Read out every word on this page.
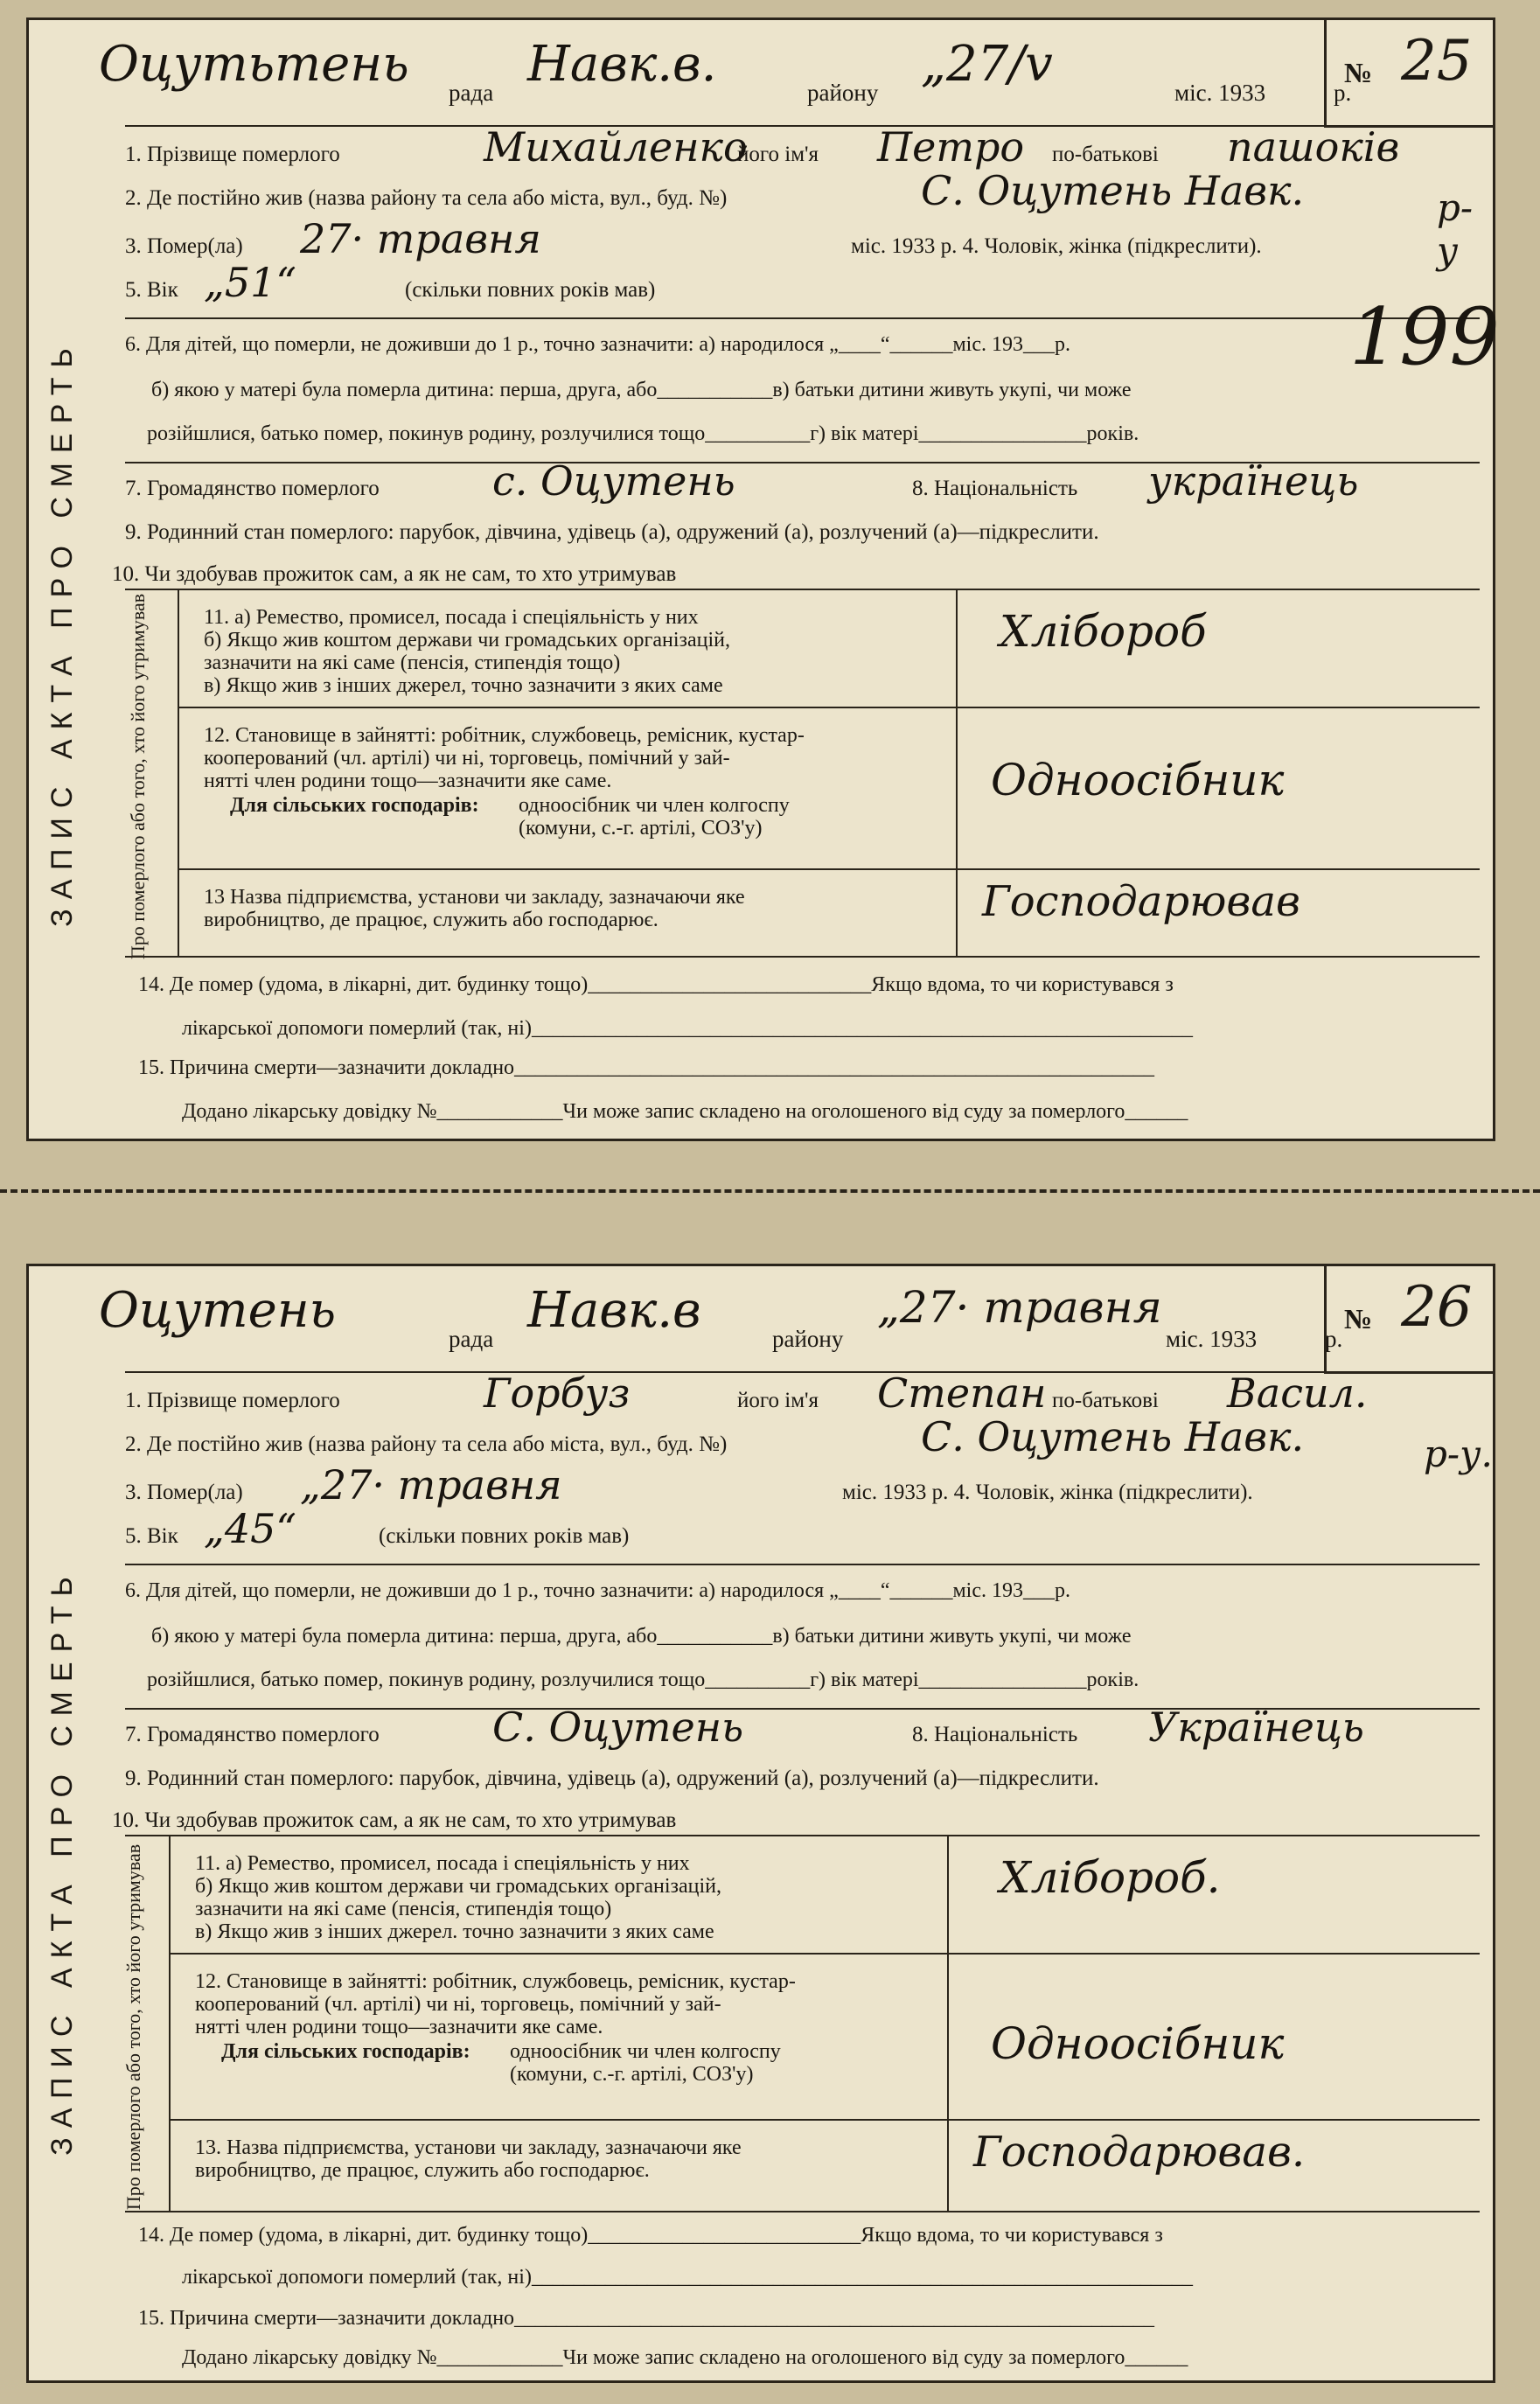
ЗАПИС АКТА ПРО СМЕРТЬ
Оцутьтень рада Навк.в.	району „27/v	міс. 1933	р.
№ 25
1. Прізвище померлого	Михайленко
його ім'я Петро по-батькові пашоків
2. Де постійно жив (назва району та села або міста, вул., буд. №)	С. Оцутень Навк.	р-у
3. Помер(ла) 27· травня	міс. 1933 р. 4. Чоловік, жінка (підкреслити).
5. Вік „51“	(скільки повних років мав)
6. Для дітей, що померли, не доживши до 1 р., точно зазначити: а) народилося „____“______міс. 193___р.
б) якою у матері була померла дитина: перша, друга, або___________в) батьки дитини живуть укупі, чи може
розійшлися, батько помер, покинув родину, розлучилися тощо__________г) вік матері________________років.
199
7. Громадянство померлого	с. Оцутень	8. Національність українець
9. Родинний стан померлого: парубок, дівчина, удівець (а), одружений (а), розлучений (а)—підкреслити.
10. Чи здобував прожиток сам, а як не сам, то хто утримував
Про померлого або того, хто його утримував	11. а) Ремество, промисел, посада і спеціяльність у них
б) Якщо жив коштом держави чи громадських організацій,
зазначити на які саме (пенсія, стипендія тощо)
в) Якщо жив з інших джерел, точно зазначити з яких саме
Хлібороб
12. Становище в зайнятті: робітник, службовець, ремісник, кустар-
кооперований (чл. артілі) чи ні, торговець, помічний у зай-
нятті член родини тощо—зазначити яке саме.
Для сільських господарів: одноосібник чи член колгоспу
(комуни, с.-г. артілі, СОЗ'у)
Одноосібник
13 Назва підприємства, установи чи закладу, зазначаючи яке
виробництво, де працює, служить або господарює.	Господарював
14. Де помер (удома, в лікарні, дит. будинку тощо)___________________________Якщо вдома, то чи користувався з
лікарської допомоги померлий (так, ні)_______________________________________________________________
15. Причина смерти—зазначити докладно_____________________________________________________________
Додано лікарську довідку №____________Чи може запис складено на оголошеного від суду за померлого______
ЗАПИС АКТА ПРО СМЕРТЬ
Оцутень	рада Навк.в	району
„27· травня
міс. 1933	р.
№ 26
1. Прізвище померлого	Горбуз	його ім'я Степан по-батькові Васил.
2. Де постійно жив (назва району та села або міста, вул., буд. №)	С. Оцутень Навк.	р-у.
3. Помер(ла) „27· травня	міс. 1933 р. 4. Чоловік, жінка (підкреслити).
5. Вік „45“	(скільки повних років мав)
6. Для дітей, що померли, не доживши до 1 р., точно зазначити: а) народилося „____“______міс. 193___р.
б) якою у матері була померла дитина: перша, друга, або___________в) батьки дитини живуть укупі, чи може
розійшлися, батько помер, покинув родину, розлучилися тощо__________г) вік матері________________років.
7. Громадянство померлого	С. Оцутень	8. Національність Українець
9. Родинний стан померлого: парубок, дівчина, удівець (а), одружений (а), розлучений (а)—підкреслити.
10. Чи здобував прожиток сам, а як не сам, то хто утримував
Про померлого або того, хто його утримував 11. а) Ремество, промисел, посада і спеціяльність у них
б) Якщо жив коштом держави чи громадських організацій,
зазначити на які саме (пенсія, стипендія тощо)
в) Якщо жив з інших джерел. точно зазначити з яких саме
Хлібороб.
12. Становище в зайнятті: робітник, службовець, ремісник, кустар-
кооперований (чл. артілі) чи ні, торговець, помічний у зай-
нятті член родини тощо—зазначити яке саме.
Для сільських господарів: одноосібник чи член колгоспу
(комуни, с.-г. артілі, СОЗ'у)
Одноосібник
13. Назва підприємства, установи чи закладу, зазначаючи яке
виробництво, де працює, служить або господарює.	Господарював.
14. Де помер (удома, в лікарні, дит. будинку тощо)__________________________Якщо вдома, то чи користувався з
лікарської допомоги померлий (так, ні)_______________________________________________________________
15. Причина смерти—зазначити докладно_____________________________________________________________
Додано лікарську довідку №____________Чи може запис складено на оголошеного від суду за померлого______
